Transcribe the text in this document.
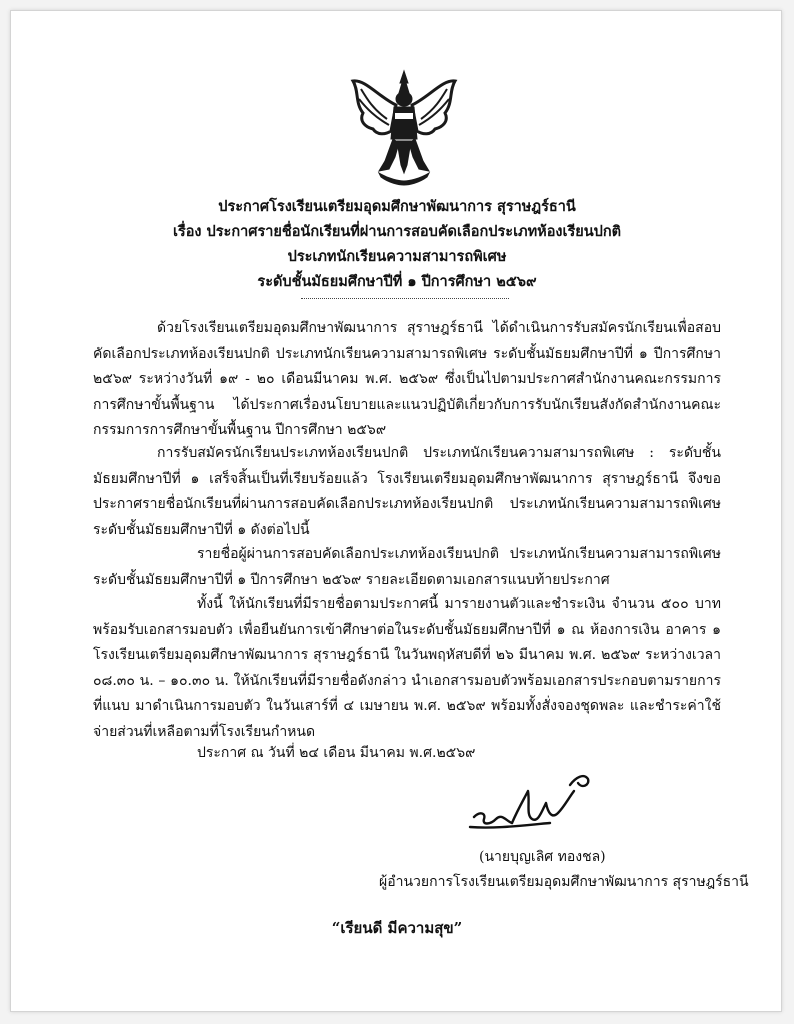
ประกาศโรงเรียนเตรียมอุดมศึกษาพัฒนาการ สุราษฎร์ธานี
เรื่อง ประกาศรายชื่อนักเรียนที่ผ่านการสอบคัดเลือกประเภทห้องเรียนปกติ
ประเภทนักเรียนความสามารถพิเศษ
ระดับชั้นมัธยมศึกษาปีที่ ๑ ปีการศึกษา ๒๕๖๙
ด้วยโรงเรียนเตรียมอุดมศึกษาพัฒนาการ สุราษฎร์ธานี ได้ดำเนินการรับสมัครนักเรียนเพื่อสอบคัดเลือกประเภทห้องเรียนปกติ ประเภทนักเรียนความสามารถพิเศษ ระดับชั้นมัธยมศึกษาปีที่ ๑ ปีการศึกษา ๒๕๖๙ ระหว่างวันที่ ๑๙ - ๒๐ เดือนมีนาคม พ.ศ. ๒๕๖๙ ซึ่งเป็นไปตามประกาศสำนักงานคณะกรรมการการศึกษาขั้นพื้นฐาน ได้ประกาศเรื่องนโยบายและแนวปฏิบัติเกี่ยวกับการรับนักเรียนสังกัดสำนักงานคณะกรรมการการศึกษาขั้นพื้นฐาน ปีการศึกษา ๒๕๖๙
การรับสมัครนักเรียนประเภทห้องเรียนปกติ ประเภทนักเรียนความสามารถพิเศษ : ระดับชั้นมัธยมศึกษาปีที่ ๑ เสร็จสิ้นเป็นที่เรียบร้อยแล้ว โรงเรียนเตรียมอุดมศึกษาพัฒนาการ สุราษฎร์ธานี จึงขอประกาศรายชื่อนักเรียนที่ผ่านการสอบคัดเลือกประเภทห้องเรียนปกติ ประเภทนักเรียนความสามารถพิเศษ ระดับชั้นมัธยมศึกษาปีที่ ๑ ดังต่อไปนี้
รายชื่อผู้ผ่านการสอบคัดเลือกประเภทห้องเรียนปกติ ประเภทนักเรียนความสามารถพิเศษระดับชั้นมัธยมศึกษาปีที่ ๑ ปีการศึกษา ๒๕๖๙ รายละเอียดตามเอกสารแนบท้ายประกาศ
ทั้งนี้ ให้นักเรียนที่มีรายชื่อตามประกาศนี้ มารายงานตัวและชำระเงิน จำนวน ๕๐๐ บาท พร้อมรับเอกสารมอบตัว เพื่อยืนยันการเข้าศึกษาต่อในระดับชั้นมัธยมศึกษาปีที่ ๑ ณ ห้องการเงิน อาคาร ๑ โรงเรียนเตรียมอุดมศึกษาพัฒนาการ สุราษฎร์ธานี ในวันพฤหัสบดีที่ ๒๖ มีนาคม พ.ศ. ๒๕๖๙ ระหว่างเวลา ๐๘.๓๐ น. – ๑๐.๓๐ น. ให้นักเรียนที่มีรายชื่อดังกล่าว นำเอกสารมอบตัวพร้อมเอกสารประกอบตามรายการที่แนบ มาดำเนินการมอบตัว ในวันเสาร์ที่ ๔ เมษายน พ.ศ. ๒๕๖๙ พร้อมทั้งสั่งจองชุดพละ และชำระค่าใช้จ่ายส่วนที่เหลือตามที่โรงเรียนกำหนด
ประกาศ ณ วันที่ ๒๔ เดือน มีนาคม พ.ศ.๒๕๖๙
(นายบุญเลิศ ทองชล)
ผู้อำนวยการโรงเรียนเตรียมอุดมศึกษาพัฒนาการ สุราษฎร์ธานี
“เรียนดี มีความสุข”
